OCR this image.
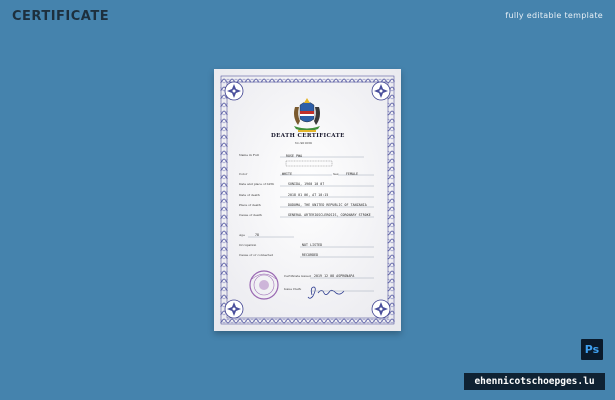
CERTIFICATE	fully editable template
DEATH CERTIFICATE
No 901039
Name in Full	ROSE PWA
Color	WHITE	Sex FEMALE
Date and place of birth	SUNIDA, 1960 10 07
Date of death	2018 01 06, AT 10:15
Place of death	DODOMA, THE UNITED REPUBLIC OF TANZANIA
Cause of death	GENERAL ARTERIOSCLEROSIS, CORONARY STROKE
Age	78
Occupation	NOT LISTED
Cause of or connected	RECORDED
Certificate issued 2019 12 08 ASPRONAPA
Issue Clerk
Ps
ehennicotschoepges.lu
